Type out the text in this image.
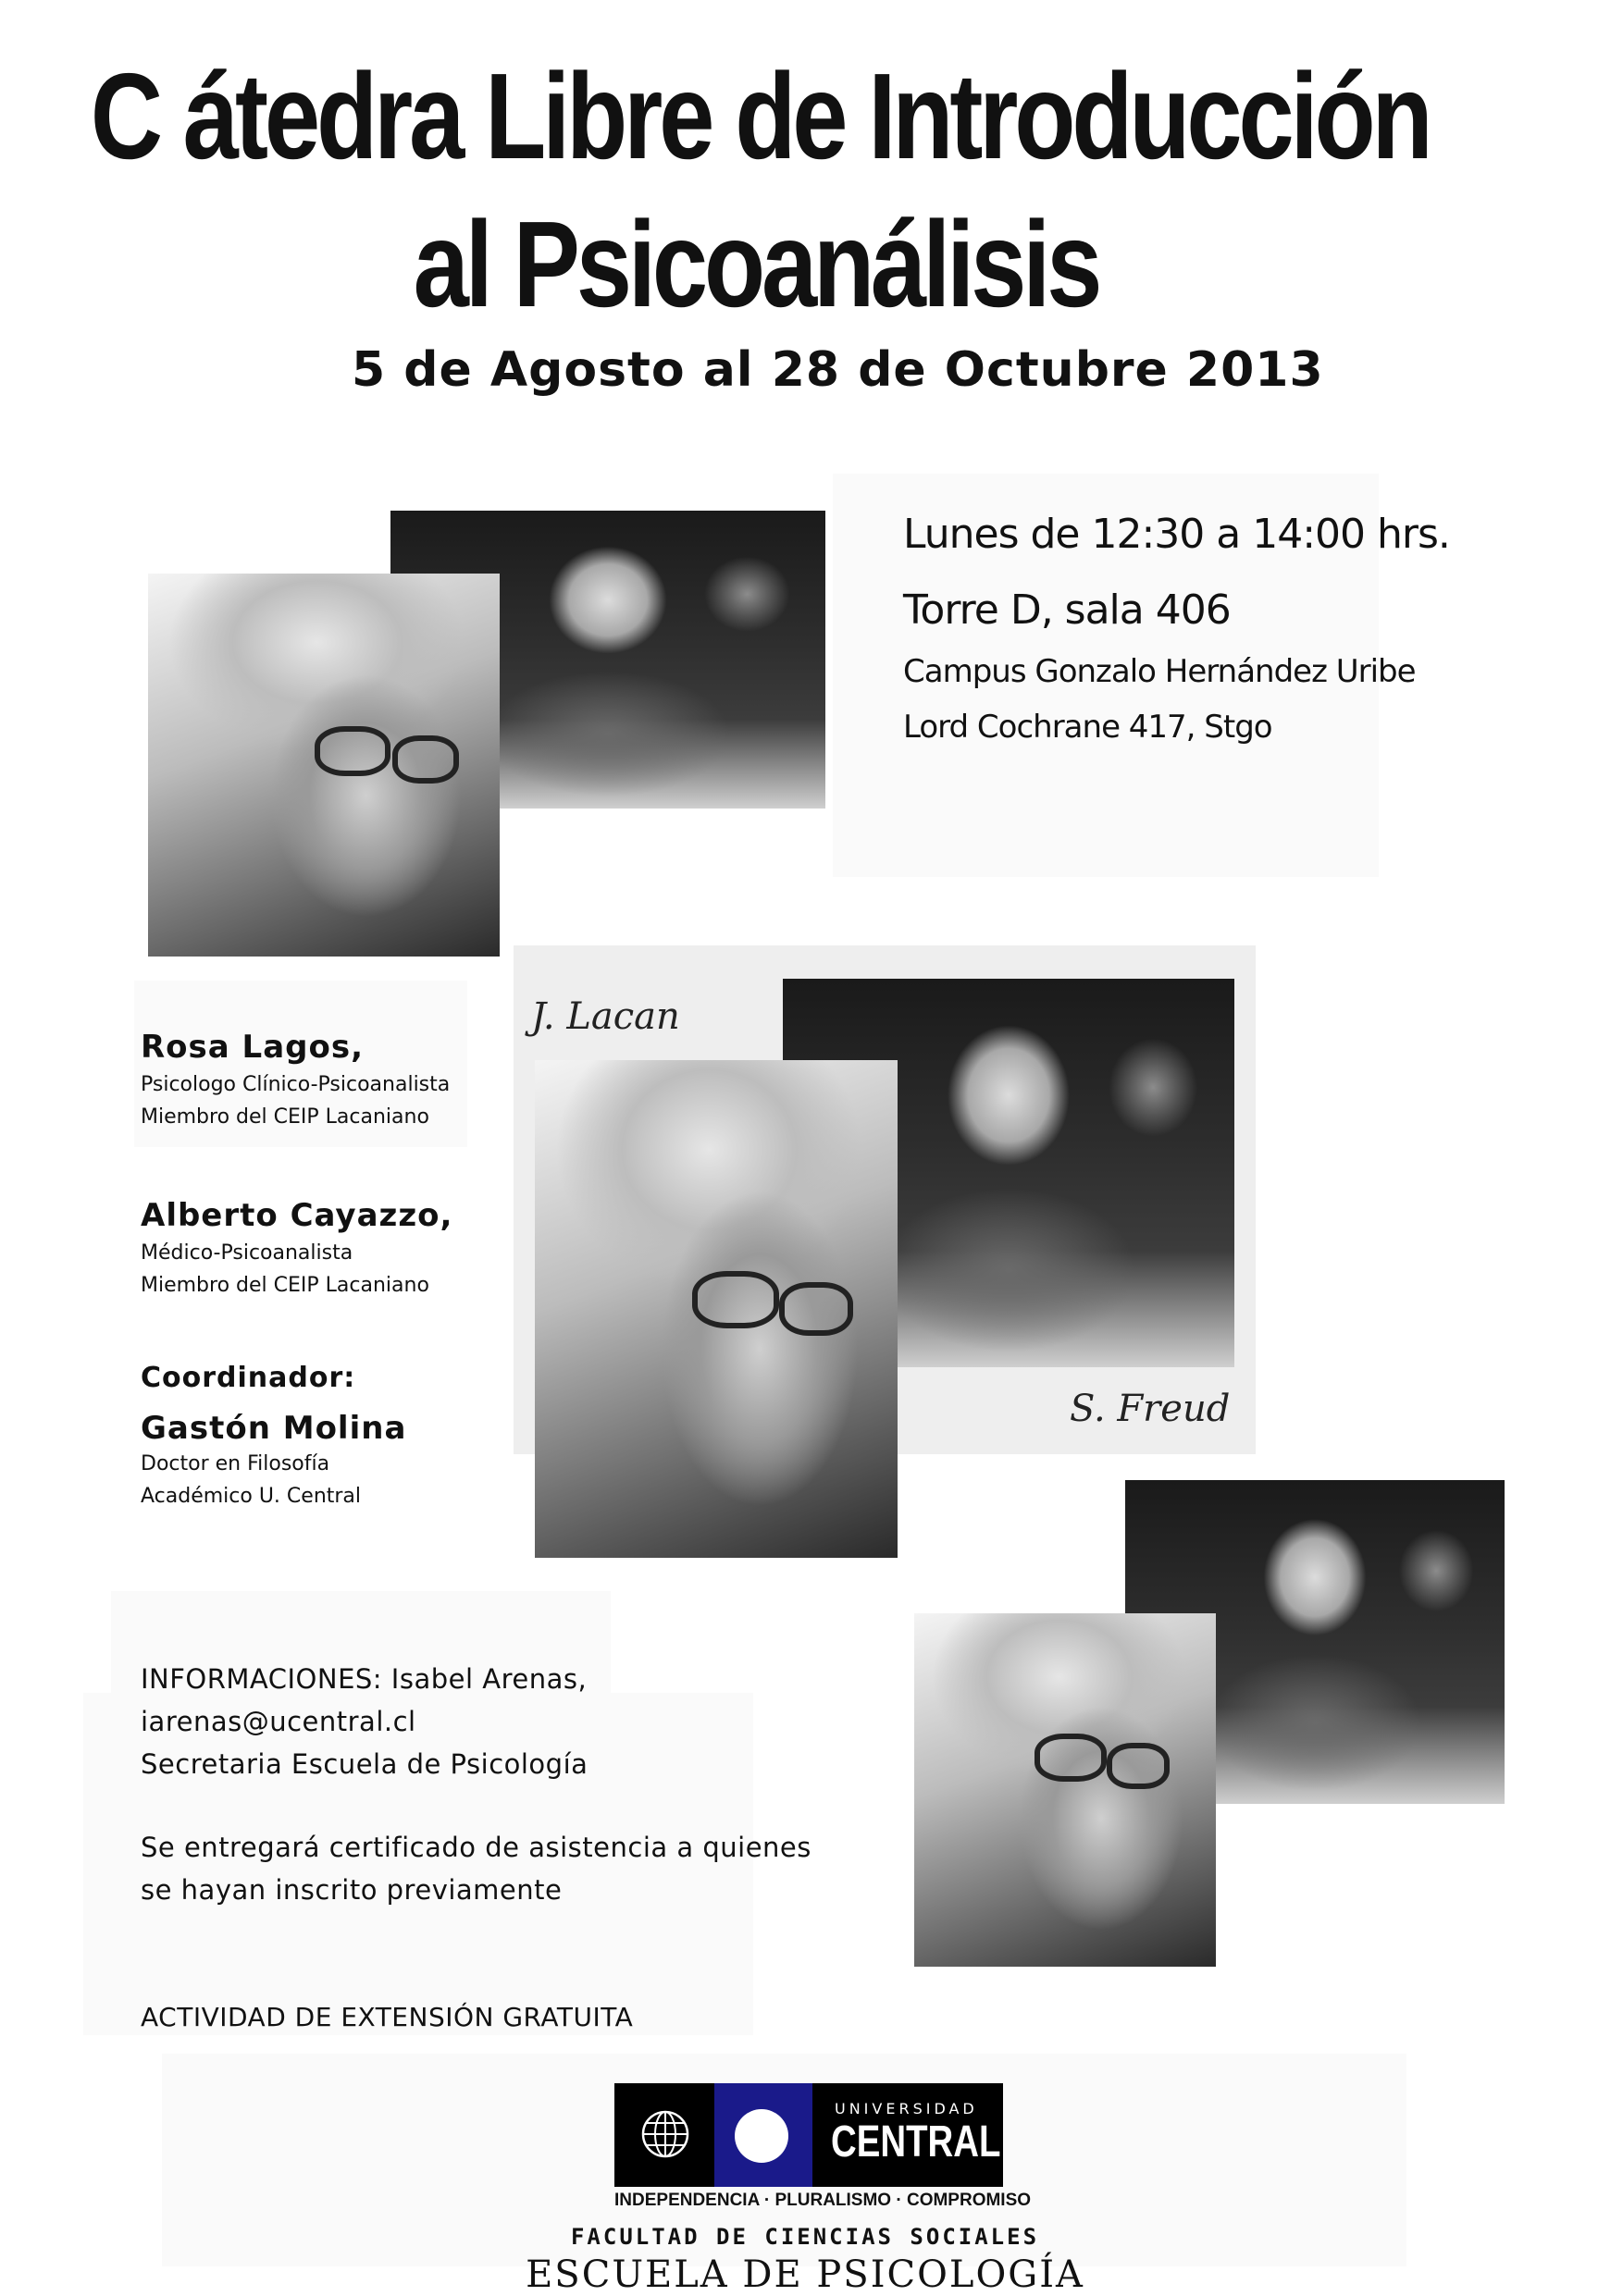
C átedra Libre de Introducción
al Psicoanálisis
5 de Agosto al 28 de Octubre 2013
Lunes de 12:30 a 14:00 hrs.
Torre D, sala 406
Campus Gonzalo Hernández Uribe
Lord Cochrane 417, Stgo
J. Lacan
S. Freud
Rosa Lagos,
Psicologo Clínico-Psicoanalista
Miembro del CEIP Lacaniano
Alberto Cayazzo,
Médico-Psicoanalista
Miembro del CEIP Lacaniano
Coordinador:
Gastón Molina
Doctor en Filosofía
Académico U. Central
INFORMACIONES: Isabel Arenas,
iarenas@ucentral.cl
Secretaria Escuela de Psicología
Se entregará certificado de asistencia a quienes
se hayan inscrito previamente
ACTIVIDAD DE EXTENSIÓN GRATUITA
UNIVERSIDAD
CENTRAL
INDEPENDENCIA · PLURALISMO · COMPROMISO
FACULTAD DE CIENCIAS SOCIALES
ESCUELA DE PSICOLOGÍA
